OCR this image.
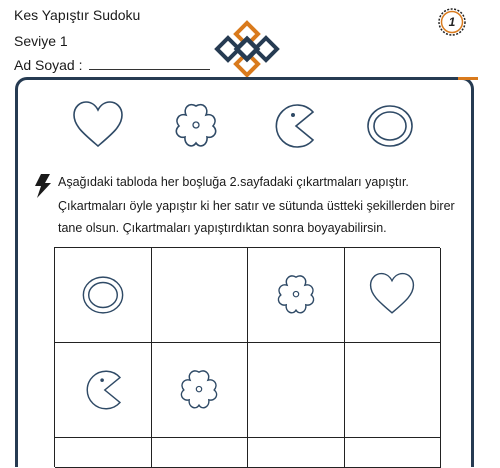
Kes Yapıştır Sudoku
Seviye 1
Ad Soyad :
1
Aşağıdaki tabloda her boşluğa 2.sayfadaki çıkartmaları yapıştır.
Çıkartmaları öyle yapıştır ki her satır ve sütunda üstteki şekillerden birer
tane olsun. Çıkartmaları yapıştırdıktan sonra boyayabilirsin.
